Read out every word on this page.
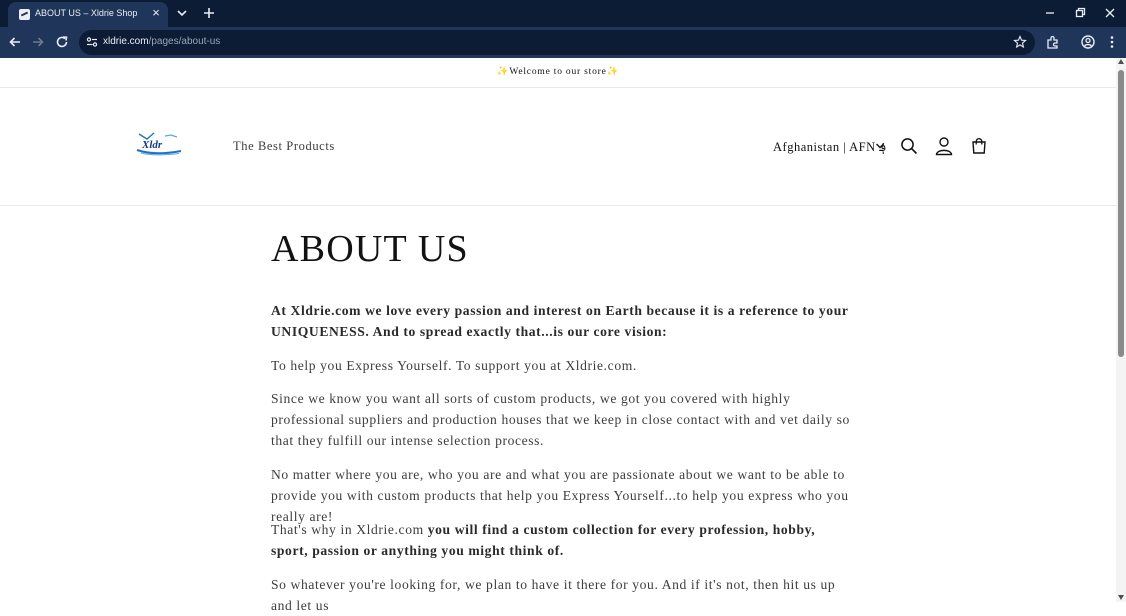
ABOUT US – Xldrie Shop ×
xldrie.com/pages/about-us
✨Welcome to our store✨
Xldr	The Best Products	Afghanistan | AFN ؋
ABOUT US

At Xldrie.com we love every passion and interest on Earth because it is a reference to your UNIQUENESS. And to spread exactly that...is our core vision:

To help you Express Yourself. To support you at Xldrie.com.

Since we know you want all sorts of custom products, we got you covered with highly professional suppliers and production houses that we keep in close contact with and vet daily so that they fulfill our intense selection process.

No matter where you are, who you are and what you are passionate about we want to be able to provide you with custom products that help you Express Yourself...to help you express who you really are!

That's why in Xldrie.com you will find a custom collection for every profession, hobby, sport, passion or anything you might think of.

So whatever you're looking for, we plan to have it there for you. And if it's not, then hit us up and let us
